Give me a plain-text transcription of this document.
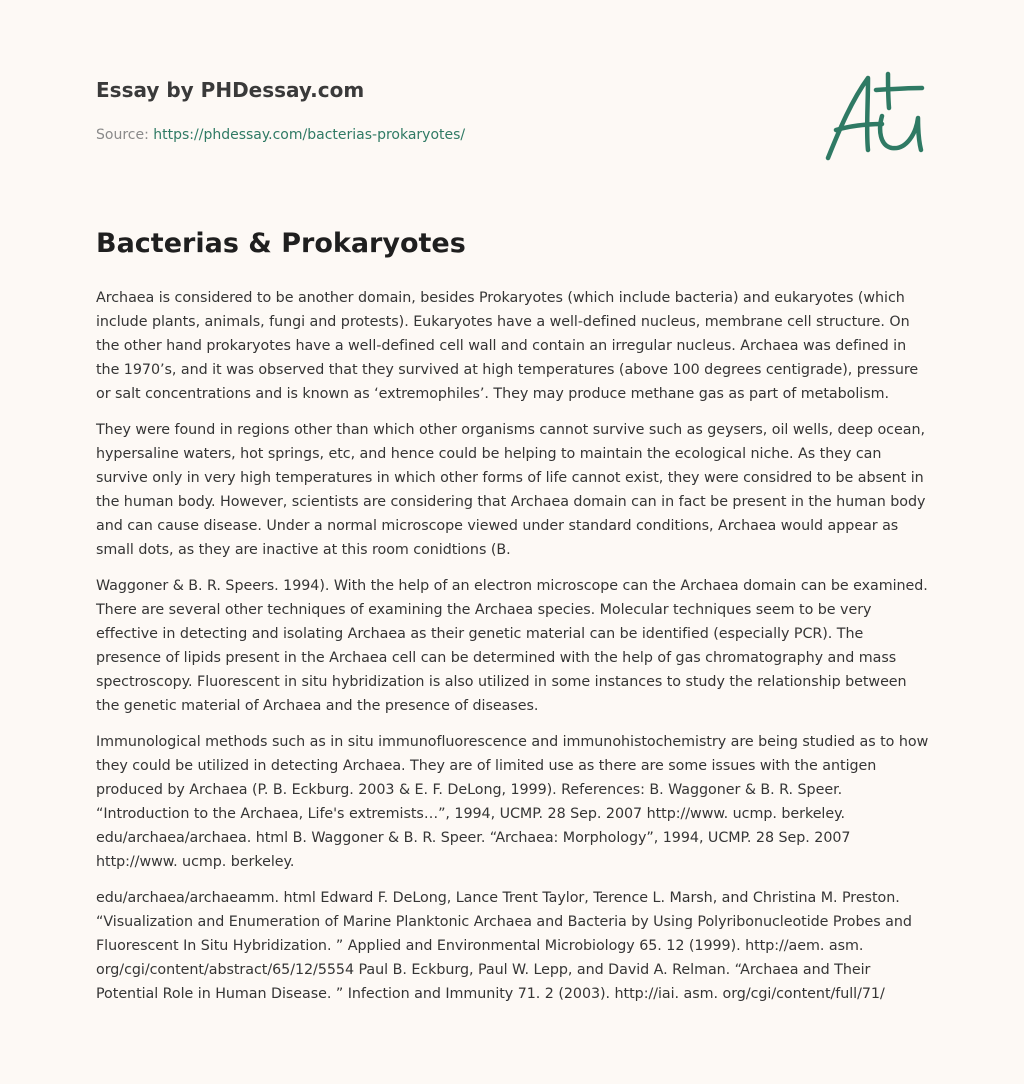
Essay by PHDessay.com
Source: https://phdessay.com/bacterias-prokaryotes/
Bacterias & Prokaryotes

Archaea is considered to be another domain, besides Prokaryotes (which include bacteria) and eukaryotes (which include plants, animals, fungi and protests). Eukaryotes have a well-defined nucleus, membrane cell structure. On the other hand prokaryotes have a well-defined cell wall and contain an irregular nucleus. Archaea was defined in the 1970’s, and it was observed that they survived at high temperatures (above 100 degrees centigrade), pressure or salt concentrations and is known as ‘extremophiles’. They may produce methane gas as part of metabolism.

They were found in regions other than which other organisms cannot survive such as geysers, oil wells, deep ocean, hypersaline waters, hot springs, etc, and hence could be helping to maintain the ecological niche. As they can survive only in very high temperatures in which other forms of life cannot exist, they were considred to be absent in the human body. However, scientists are considering that Archaea domain can in fact be present in the human body and can cause disease. Under a normal microscope viewed under standard conditions, Archaea would appear as small dots, as they are inactive at this room conidtions (B.

Waggoner & B. R. Speers. 1994). With the help of an electron microscope can the Archaea domain can be examined. There are several other techniques of examining the Archaea species. Molecular techniques seem to be very effective in detecting and isolating Archaea as their genetic material can be identified (especially PCR). The presence of lipids present in the Archaea cell can be determined with the help of gas chromatography and mass spectroscopy. Fluorescent in situ hybridization is also utilized in some instances to study the relationship between the genetic material of Archaea and the presence of diseases.

Immunological methods such as in situ immunofluorescence and immunohistochemistry are being studied as to how they could be utilized in detecting Archaea. They are of limited use as there are some issues with the antigen produced by Archaea (P. B. Eckburg. 2003 & E. F. DeLong, 1999). References: B. Waggoner & B. R. Speer. “Introduction to the Archaea, Life's extremists…”, 1994, UCMP. 28 Sep. 2007 http://www. ucmp. berkeley. edu/archaea/archaea. html B. Waggoner & B. R. Speer. “Archaea: Morphology”, 1994, UCMP. 28 Sep. 2007 http://www. ucmp. berkeley.

edu/archaea/archaeamm. html Edward F. DeLong, Lance Trent Taylor, Terence L. Marsh, and Christina M. Preston. “Visualization and Enumeration of Marine Planktonic Archaea and Bacteria by Using Polyribonucleotide Probes and Fluorescent In Situ Hybridization. ” Applied and Environmental Microbiology 65. 12 (1999). http://aem. asm. org/cgi/content/abstract/65/12/5554 Paul B. Eckburg, Paul W. Lepp, and David A. Relman. “Archaea and Their Potential Role in Human Disease. ” Infection and Immunity 71. 2 (2003). http://iai. asm. org/cgi/content/full/71/
